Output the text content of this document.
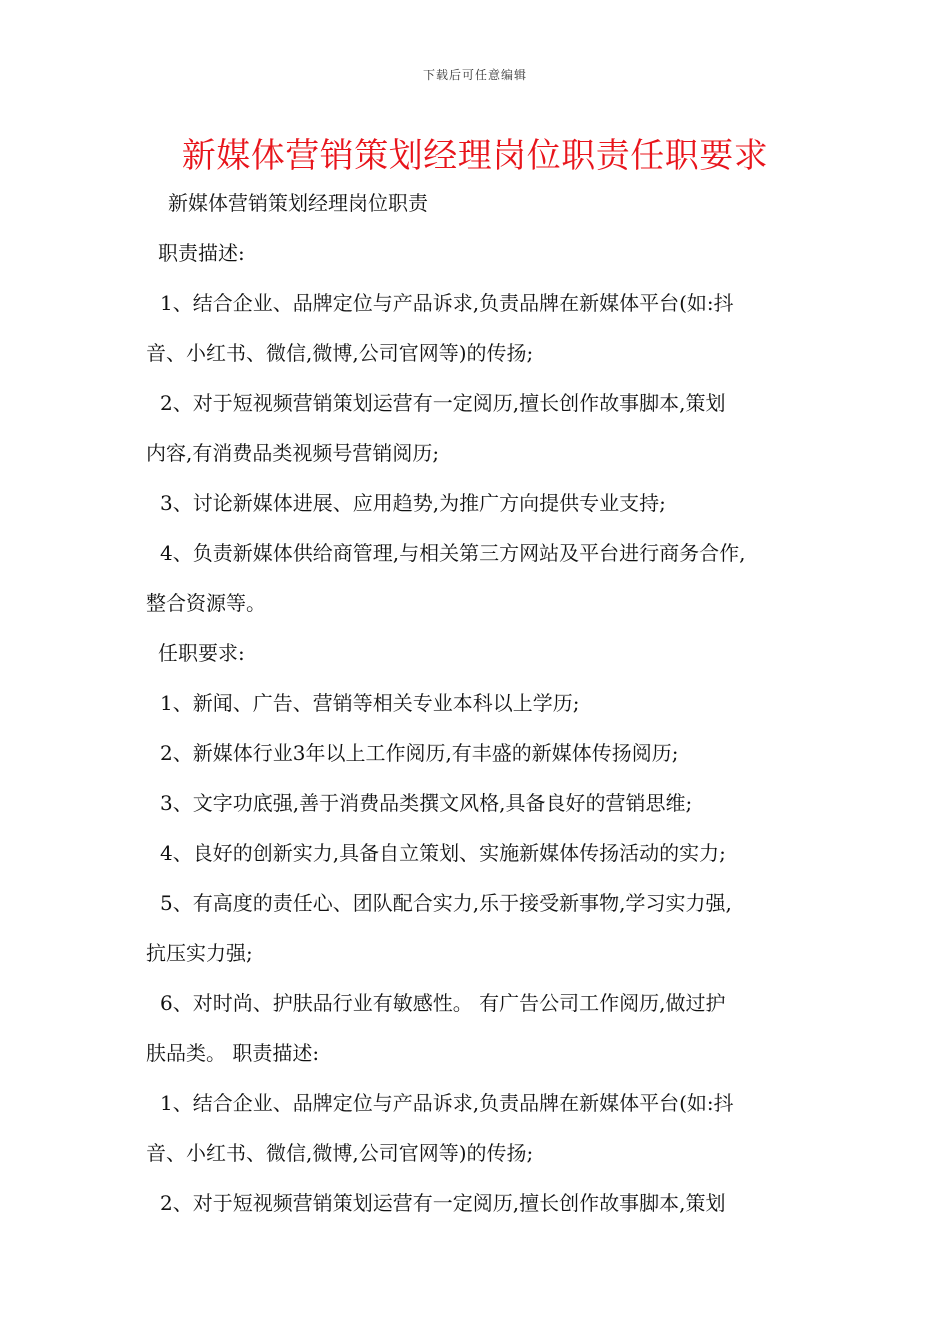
下载后可任意编辑
新媒体营销策划经理岗位职责任职要求

新媒体营销策划经理岗位职责

职责描述:

1、结合企业、品牌定位与产品诉求,负责品牌在新媒体平台(如:抖

音、小红书、微信,微博,公司官网等)的传扬;

2、对于短视频营销策划运营有一定阅历,擅长创作故事脚本,策划

内容,有消费品类视频号营销阅历;

3、讨论新媒体进展、应用趋势,为推广方向提供专业支持;

4、负责新媒体供给商管理,与相关第三方网站及平台进行商务合作,

整合资源等。

任职要求:

1、新闻、广告、营销等相关专业本科以上学历;

2、新媒体行业3年以上工作阅历,有丰盛的新媒体传扬阅历;

3、文字功底强,善于消费品类撰文风格,具备良好的营销思维;

4、良好的创新实力,具备自立策划、实施新媒体传扬活动的实力;

5、有高度的责任心、团队配合实力,乐于接受新事物,学习实力强,

抗压实力强;

6、对时尚、护肤品行业有敏感性。 有广告公司工作阅历,做过护

肤品类。 职责描述:

1、结合企业、品牌定位与产品诉求,负责品牌在新媒体平台(如:抖

音、小红书、微信,微博,公司官网等)的传扬;

2、对于短视频营销策划运营有一定阅历,擅长创作故事脚本,策划
